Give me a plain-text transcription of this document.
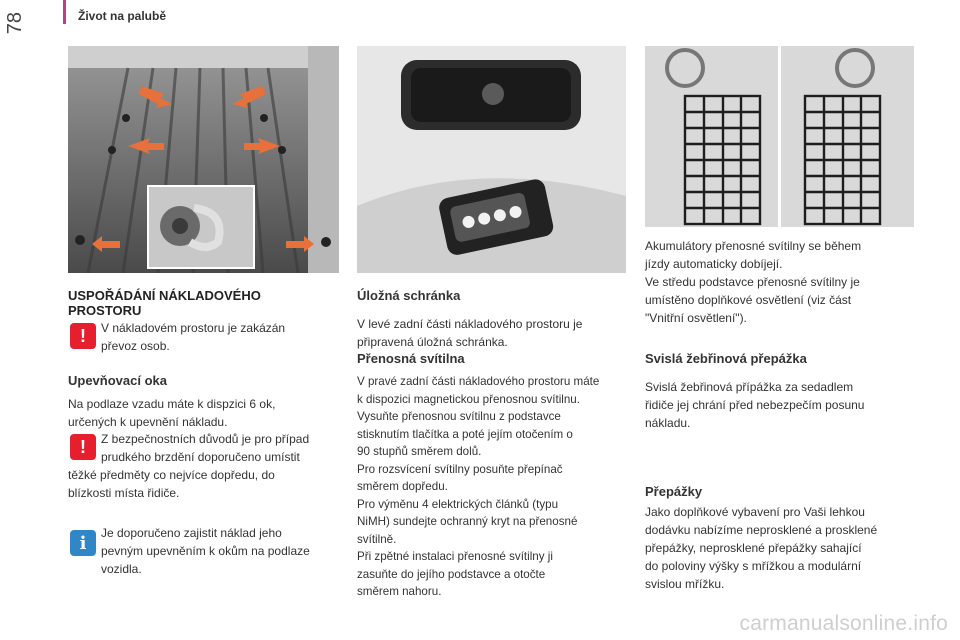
Život na palubě
78
USPOŘÁDÁNÍ NÁKLADOVÉHO
PROSTORU
!	V nákladovém prostoru je zakázán
převoz osob.
Upevňovací oka
Na podlaze vzadu máte k dispzici 6 ok,
určených k upevnění nákladu.
!	Z bezpečnostních důvodů je pro případ
prudkého brzdění doporučeno umístit
těžké předměty co nejvíce dopředu, do
blízkosti místa řidiče.
i	Je doporučeno zajistit náklad jeho
pevným upevněním k okům na podlaze
vozidla.
Úložná schránka
V levé zadní části nákladového prostoru je
připravená úložná schránka.
Přenosná svítilna
V pravé zadní části nákladového prostoru máte
k dispozici magnetickou přenosnou svítilnu.
Vysuňte přenosnou svítilnu z podstavce
stisknutím tlačítka a poté jejím otočením o
90 stupňů směrem dolů.
Pro rozsvícení svítilny posuňte přepínač
směrem dopředu.
Pro výměnu 4 elektrických článků (typu
NiMH) sundejte ochranný kryt na přenosné
svítilně.
Při zpětné instalaci přenosné svítilny ji
zasuňte do jejího podstavce a otočte
směrem nahoru.
Akumulátory přenosné svítilny se během
jízdy automaticky dobíjejí.
Ve středu podstavce přenosné svítilny je
umístěno doplňkové osvětlení (viz část
"Vnitřní osvětlení").
Svislá žebřinová přepážka
Svislá žebřinová přípážka za sedadlem
řidiče jej chrání před nebezpečím posunu
nákladu.
Přepážky
Jako doplňkové vybavení pro Vaši lehkou
dodávku nabízíme neprosklené a prosklené
přepážky, neprosklené přepážky sahající
do poloviny výšky s mřížkou a modulární
svislou mřížku.
carmanualsonline.info
